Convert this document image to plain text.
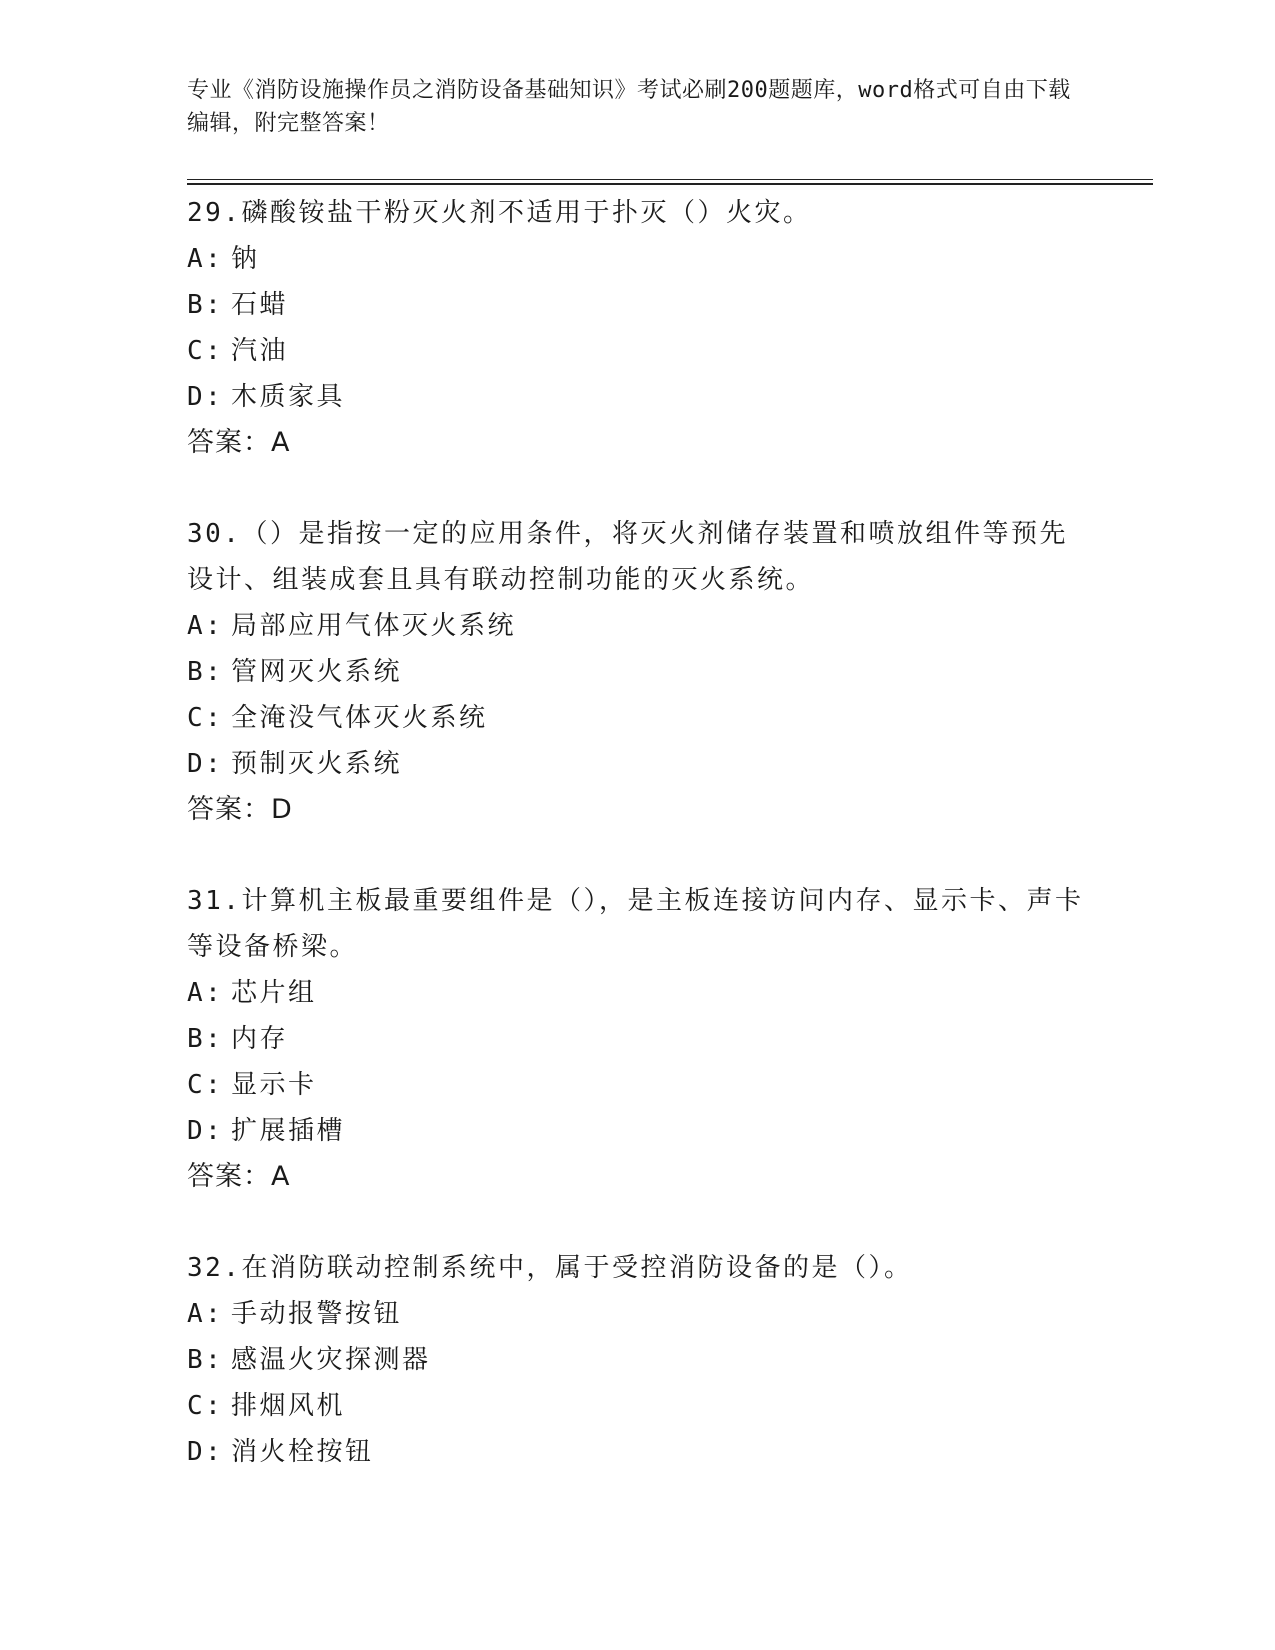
专业《消防设施操作员之消防设备基础知识》考试必刷200题题库，word格式可自由下载编辑，附完整答案！

29.磷酸铵盐干粉灭火剂不适用于扑灭（）火灾。

A: 钠

B: 石蜡

C: 汽油

D: 木质家具

答案：A

30.（）是指按一定的应用条件，将灭火剂储存装置和喷放组件等预先设计、组装成套且具有联动控制功能的灭火系统。

A: 局部应用气体灭火系统

B: 管网灭火系统

C: 全淹没气体灭火系统

D: 预制灭火系统

答案：D

31.计算机主板最重要组件是（），是主板连接访问内存、显示卡、声卡等设备桥梁。

A: 芯片组

B: 内存

C: 显示卡

D: 扩展插槽

答案：A

32.在消防联动控制系统中，属于受控消防设备的是（）。

A: 手动报警按钮

B: 感温火灾探测器

C: 排烟风机

D: 消火栓按钮
